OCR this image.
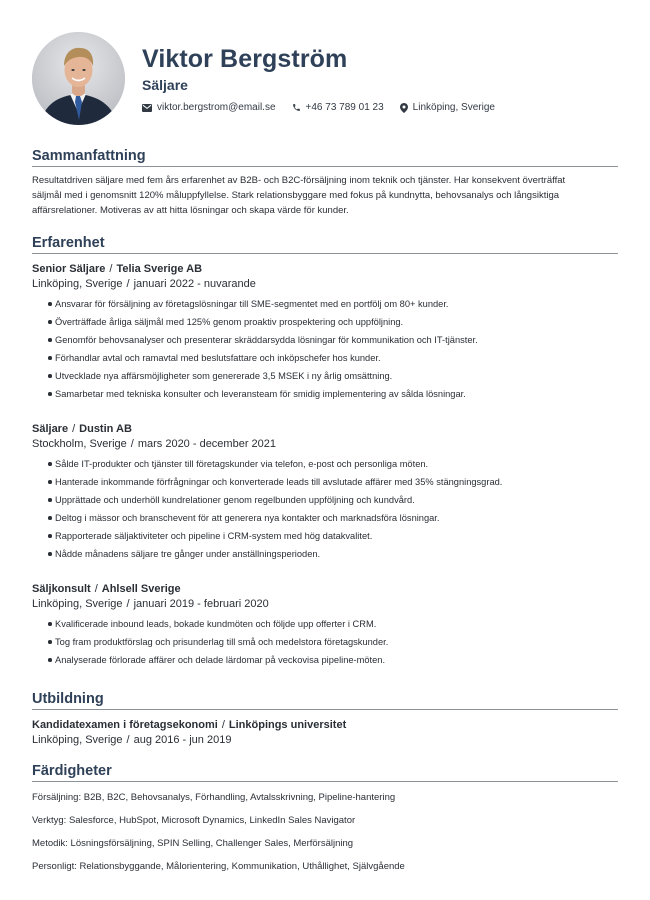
Viktor Bergström
Säljare
viktor.bergstrom@email.se	+46 73 789 01 23	Linköping, Sverige
Sammanfattning
Resultatdriven säljare med fem års erfarenhet av B2B- och B2C-försäljning inom teknik och tjänster. Har konsekvent överträffat
säljmål med i genomsnitt 120% måluppfyllelse. Stark relationsbyggare med fokus på kundnytta, behovsanalys och långsiktiga
affärsrelationer. Motiveras av att hitta lösningar och skapa värde för kunder.
Erfarenhet
Senior Säljare / Telia Sverige AB
Linköping, Sverige / januari 2022 - nuvarande
Ansvarar för försäljning av företagslösningar till SME-segmentet med en portfölj om 80+ kunder.
Överträffade årliga säljmål med 125% genom proaktiv prospektering och uppföljning.
Genomför behovsanalyser och presenterar skräddarsydda lösningar för kommunikation och IT-tjänster.
Förhandlar avtal och ramavtal med beslutsfattare och inköpschefer hos kunder.
Utvecklade nya affärsmöjligheter som genererade 3,5 MSEK i ny årlig omsättning.
Samarbetar med tekniska konsulter och leveransteam för smidig implementering av sålda lösningar.
Säljare / Dustin AB
Stockholm, Sverige / mars 2020 - december 2021
Sålde IT-produkter och tjänster till företagskunder via telefon, e-post och personliga möten.
Hanterade inkommande förfrågningar och konverterade leads till avslutade affärer med 35% stängningsgrad.
Upprättade och underhöll kundrelationer genom regelbunden uppföljning och kundvård.
Deltog i mässor och branschevent för att generera nya kontakter och marknadsföra lösningar.
Rapporterade säljaktiviteter och pipeline i CRM-system med hög datakvalitet.
Nådde månadens säljare tre gånger under anställningsperioden.
Säljkonsult / Ahlsell Sverige
Linköping, Sverige / januari 2019 - februari 2020
Kvalificerade inbound leads, bokade kundmöten och följde upp offerter i CRM.
Tog fram produktförslag och prisunderlag till små och medelstora företagskunder.
Analyserade förlorade affärer och delade lärdomar på veckovisa pipeline-möten.
Utbildning
Kandidatexamen i företagsekonomi / Linköpings universitet
Linköping, Sverige / aug 2016 - jun 2019
Färdigheter
Försäljning: B2B, B2C, Behovsanalys, Förhandling, Avtalsskrivning, Pipeline-hantering
Verktyg: Salesforce, HubSpot, Microsoft Dynamics, LinkedIn Sales Navigator
Metodik: Lösningsförsäljning, SPIN Selling, Challenger Sales, Merförsäljning
Personligt: Relationsbyggande, Målorientering, Kommunikation, Uthållighet, Självgående
